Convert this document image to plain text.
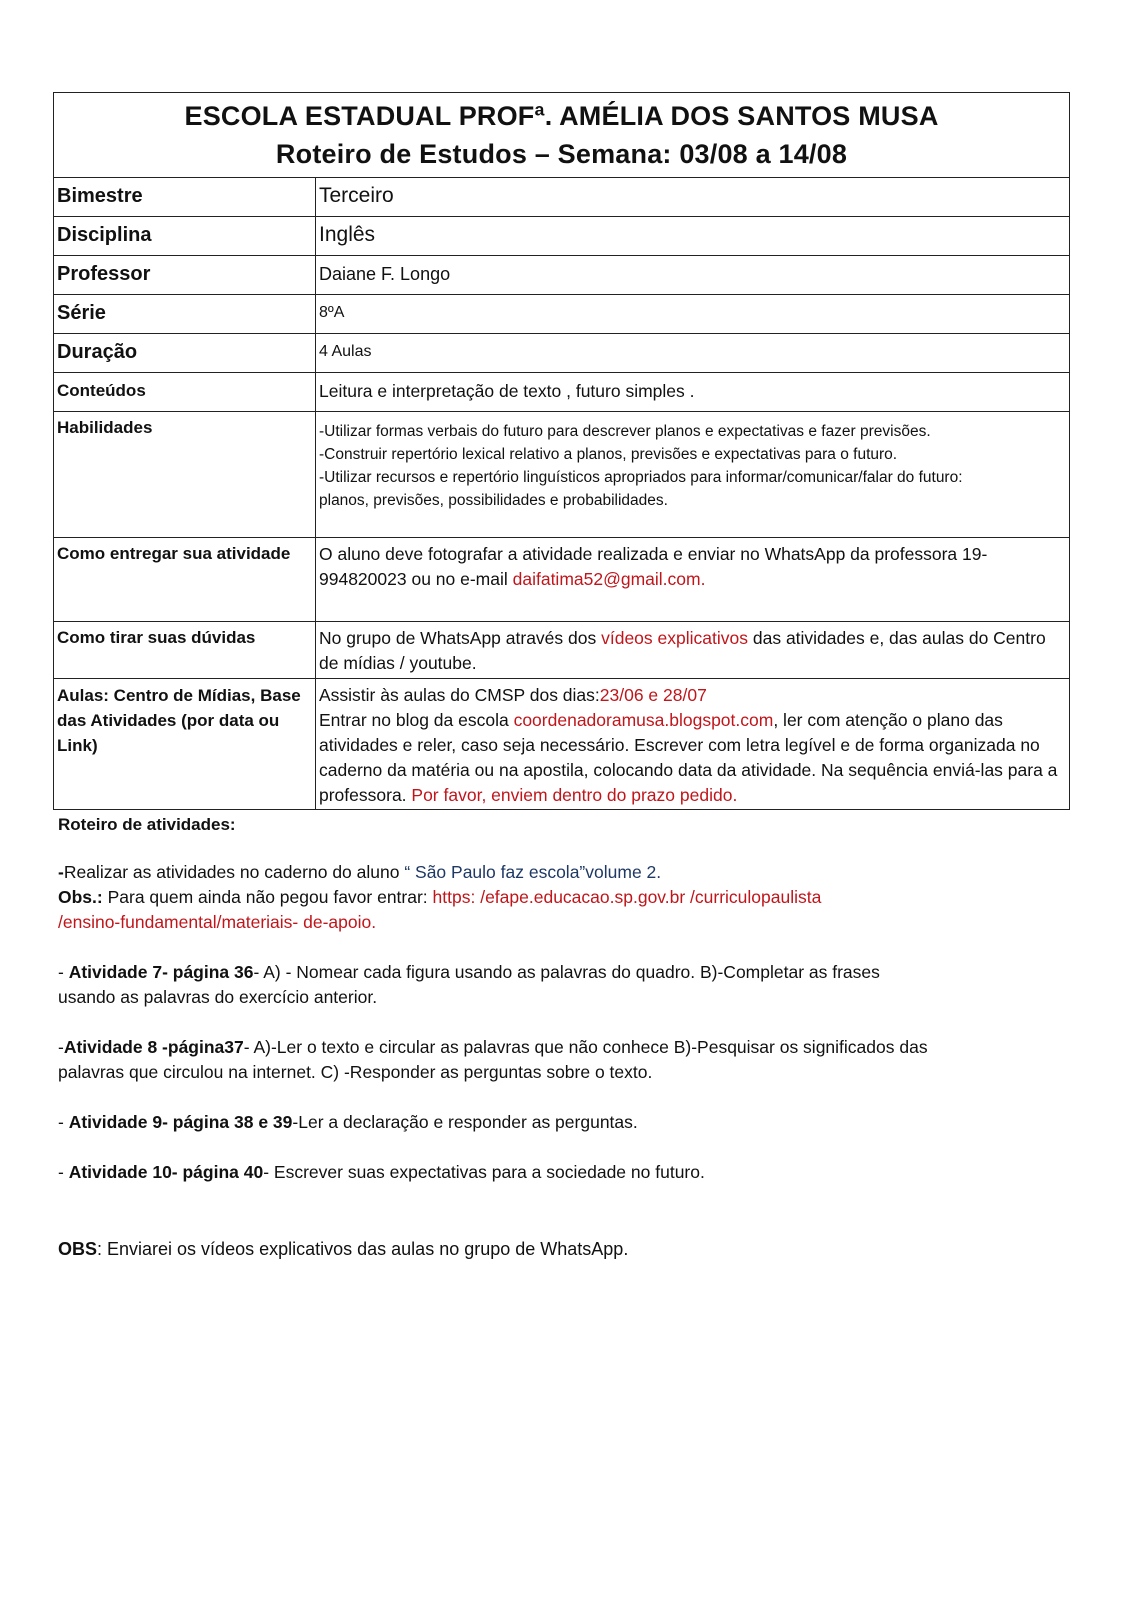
ESCOLA ESTADUAL PROFª. AMÉLIA DOS SANTOS MUSA
Roteiro de Estudos – Semana: 03/08 a 14/08	

Bimestre	Terceiro
Disciplina	Inglês
Professor	Daiane F. Longo
Série	8ºA
Duração	4 Aulas
Conteúdos	Leitura e interpretação de texto , futuro simples .
Habilidades	-Utilizar formas verbais do futuro para descrever planos e expectativas e fazer previsões.
-Construir repertório lexical relativo a planos, previsões e expectativas para o futuro.
-Utilizar recursos e repertório linguísticos apropriados para informar/comunicar/falar do futuro:
planos, previsões, possibilidades e probabilidades.

Como entregar sua atividade	O aluno deve fotografar a atividade realizada e enviar no WhatsApp da professora 19-994820023 ou no e-mail daifatima52@gmail.com.
Como tirar suas dúvidas	No grupo de WhatsApp através dos vídeos explicativos das atividades e, das aulas do Centro de mídias / youtube.
Aulas: Centro de Mídias, Base das Atividades (por data ou Link)	Assistir às aulas do CMSP dos dias:23/06 e 28/07
Entrar no blog da escola coordenadoramusa.blogspot.com, ler com atenção o plano das atividades e reler, caso seja necessário. Escrever com letra legível e de forma organizada no caderno da matéria ou na apostila, colocando data da atividade. Na sequência enviá-las para a professora. Por favor, enviem dentro do prazo pedido.
Roteiro de atividades:
-Realizar as atividades no caderno do aluno “ São Paulo faz escola”volume 2.
Obs.: Para quem ainda não pegou favor entrar: https: /efape.educacao.sp.gov.br /curriculopaulista
/ensino-fundamental/materiais- de-apoio.
- Atividade 7- página 36- A) - Nomear cada figura usando as palavras do quadro. B)-Completar as frases usando as palavras do exercício anterior.
-Atividade 8 -página37- A)-Ler o texto e circular as palavras que não conhece B)-Pesquisar os significados das palavras que circulou na internet. C) -Responder as perguntas sobre o texto.
- Atividade 9- página 38 e 39-Ler a declaração e responder as perguntas.
- Atividade 10- página 40- Escrever suas expectativas para a sociedade no futuro.
OBS: Enviarei os vídeos explicativos das aulas no grupo de WhatsApp.
